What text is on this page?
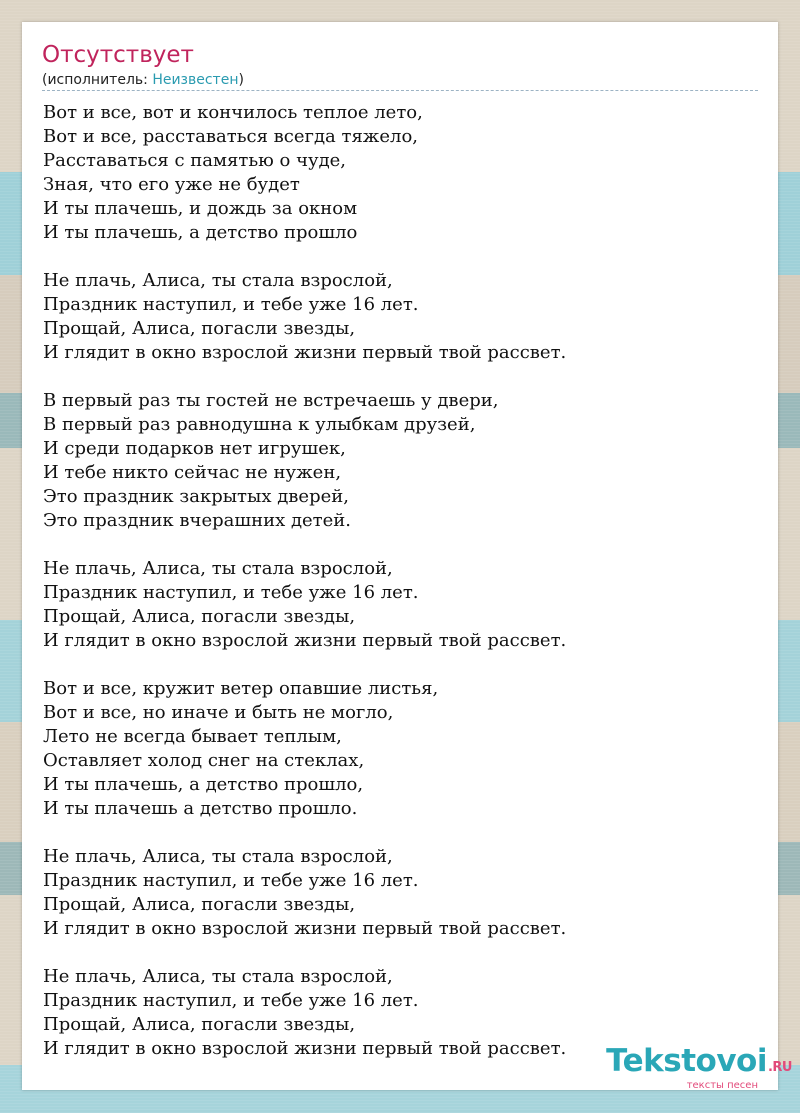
Отсутствует
(исполнитель: Неизвестен)
Вот и все, вот и кончилось теплое лето,
Вот и все, расставаться всегда тяжело,
Расставаться с памятью о чуде,
Зная, что его уже не будет
И ты плачешь, и дождь за окном
И ты плачешь, а детство прошло
Не плачь, Алиса, ты стала взрослой,
Праздник наступил, и тебе уже 16 лет.
Прощай, Алиса, погасли звезды,
И глядит в окно взрослой жизни первый твой рассвет.
В первый раз ты гостей не встречаешь у двери,
В первый раз равнодушна к улыбкам друзей,
И среди подарков нет игрушек,
И тебе никто сейчас не нужен,
Это праздник закрытых дверей,
Это праздник вчерашних детей.
Не плачь, Алиса, ты стала взрослой,
Праздник наступил, и тебе уже 16 лет.
Прощай, Алиса, погасли звезды,
И глядит в окно взрослой жизни первый твой рассвет.
Вот и все, кружит ветер опавшие листья,
Вот и все, но иначе и быть не могло,
Лето не всегда бывает теплым,
Оставляет холод снег на стеклах,
И ты плачешь, а детство прошло,
И ты плачешь а детство прошло.
Не плачь, Алиса, ты стала взрослой,
Праздник наступил, и тебе уже 16 лет.
Прощай, Алиса, погасли звезды,
И глядит в окно взрослой жизни первый твой рассвет.
Не плачь, Алиса, ты стала взрослой,
Праздник наступил, и тебе уже 16 лет.
Прощай, Алиса, погасли звезды,
И глядит в окно взрослой жизни первый твой рассвет.	Tekstovoi.RU
тексты песен
